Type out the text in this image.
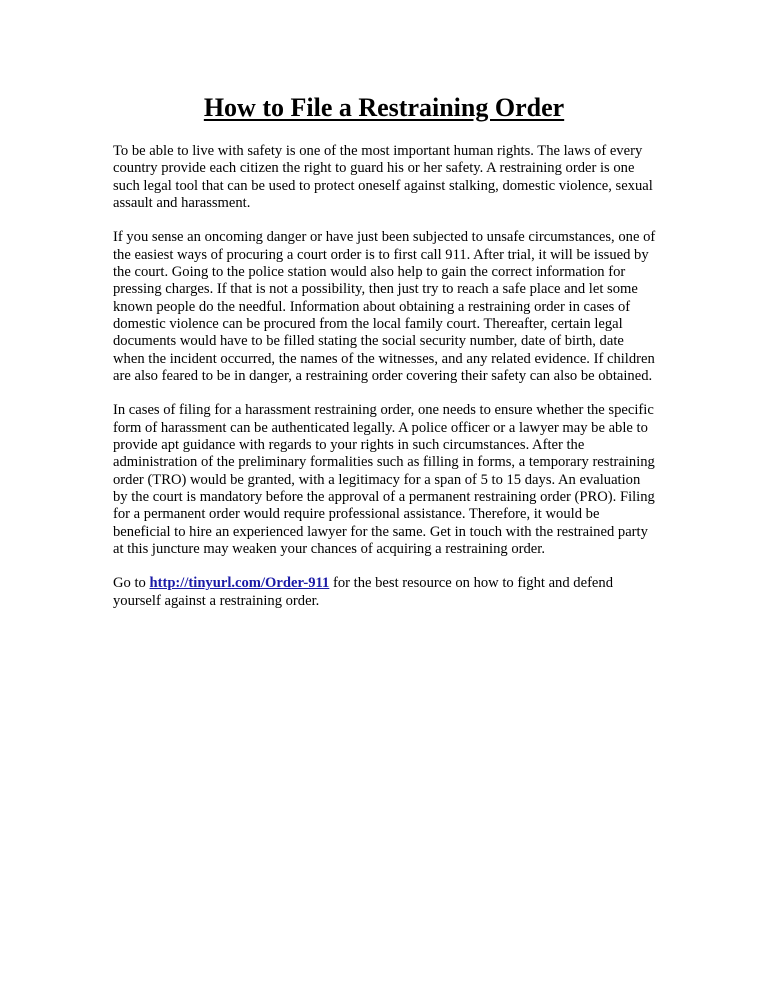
How to File a Restraining Order

To be able to live with safety is one of the most important human rights. The laws of every country provide each citizen the right to guard his or her safety. A restraining order is one such legal tool that can be used to protect oneself against stalking, domestic violence, sexual assault and harassment.

If you sense an oncoming danger or have just been subjected to unsafe circumstances, one of the easiest ways of procuring a court order is to first call 911. After trial, it will be issued by the court. Going to the police station would also help to gain the correct information for pressing charges. If that is not a possibility, then just try to reach a safe place and let some known people do the needful. Information about obtaining a restraining order in cases of domestic violence can be procured from the local family court. Thereafter, certain legal documents would have to be filled stating the social security number, date of birth, date when the incident occurred, the names of the witnesses, and any related evidence. If children are also feared to be in danger, a restraining order covering their safety can also be obtained.

In cases of filing for a harassment restraining order, one needs to ensure whether the specific form of harassment can be authenticated legally. A police officer or a lawyer may be able to provide apt guidance with regards to your rights in such circumstances. After the administration of the preliminary formalities such as filling in forms, a temporary restraining order (TRO) would be granted, with a legitimacy for a span of 5 to 15 days. An evaluation by the court is mandatory before the approval of a permanent restraining order (PRO). Filing for a permanent order would require professional assistance. Therefore, it would be beneficial to hire an experienced lawyer for the same. Get in touch with the restrained party at this juncture may weaken your chances of acquiring a restraining order.

Go to http://tinyurl.com/Order-911 for the best resource on how to fight and defend yourself against a restraining order.
